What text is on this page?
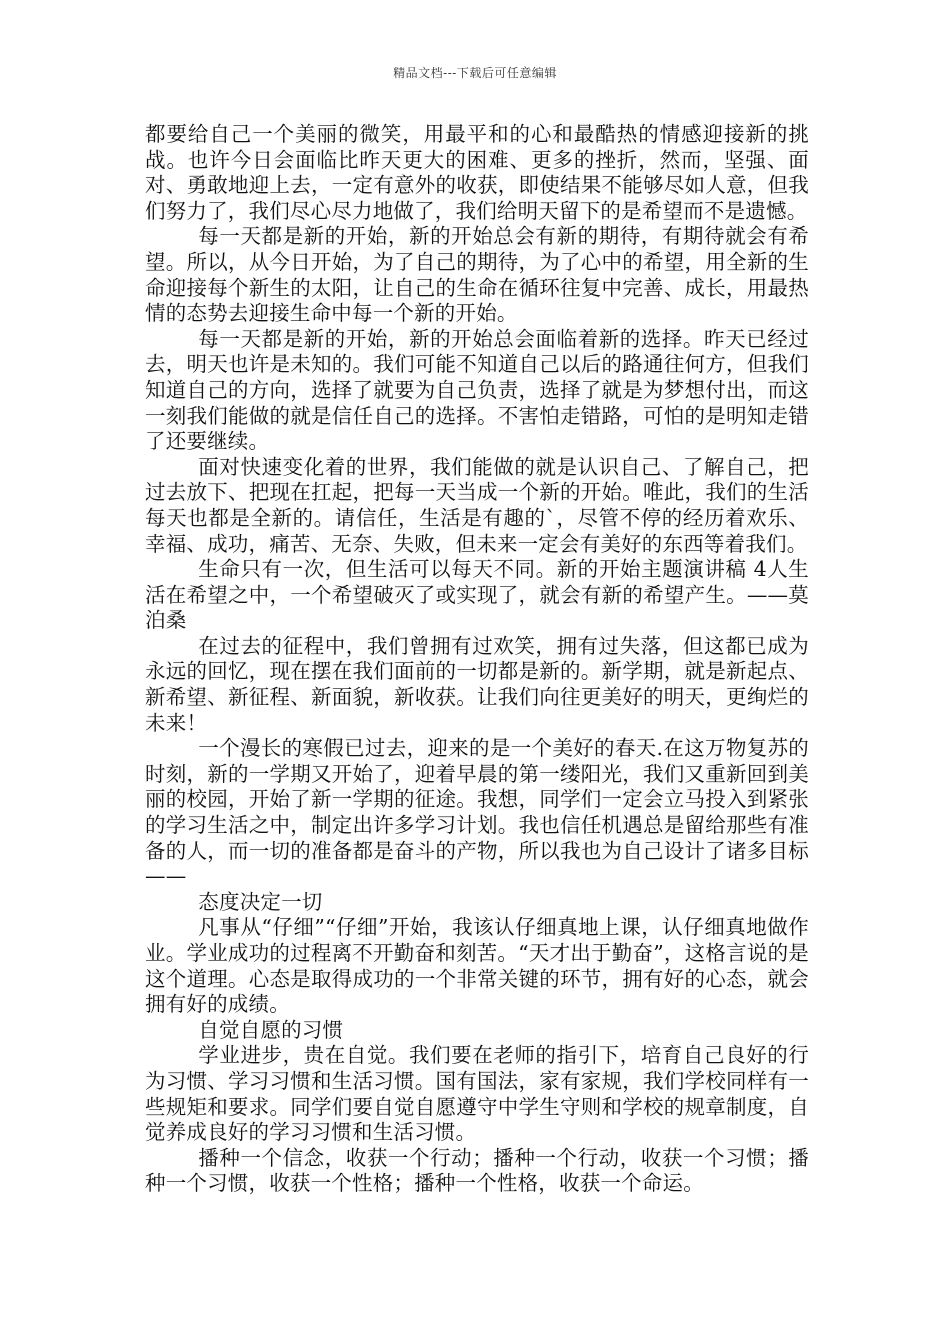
精品文档---下载后可任意编辑

都要给自己一个美丽的微笑，用最平和的心和最酷热的情感迎接新的挑战。也许今日会面临比昨天更大的困难、更多的挫折，然而，坚强、面对、勇敢地迎上去，一定有意外的收获，即使结果不能够尽如人意，但我们努力了，我们尽心尽力地做了，我们给明天留下的是希望而不是遗憾。

每一天都是新的开始，新的开始总会有新的期待，有期待就会有希望。所以，从今日开始，为了自己的期待，为了心中的希望，用全新的生命迎接每个新生的太阳，让自己的生命在循环往复中完善、成长，用最热情的态势去迎接生命中每一个新的开始。

每一天都是新的开始，新的开始总会面临着新的选择。昨天已经过去，明天也许是未知的。我们可能不知道自己以后的路通往何方，但我们知道自己的方向，选择了就要为自己负责，选择了就是为梦想付出，而这一刻我们能做的就是信任自己的选择。不害怕走错路，可怕的是明知走错了还要继续。

面对快速变化着的世界，我们能做的就是认识自己、了解自己，把过去放下、把现在扛起，把每一天当成一个新的开始。唯此，我们的生活每天也都是全新的。请信任，生活是有趣的`，尽管不停的经历着欢乐、幸福、成功，痛苦、无奈、失败，但未来一定会有美好的东西等着我们。

生命只有一次，但生活可以每天不同。新的开始主题演讲稿 4人生活在希望之中，一个希望破灭了或实现了，就会有新的希望产生。——莫泊桑

在过去的征程中，我们曾拥有过欢笑，拥有过失落，但这都已成为永远的回忆，现在摆在我们面前的一切都是新的。新学期，就是新起点、新希望、新征程、新面貌，新收获。让我们向往更美好的明天，更绚烂的未来！

一个漫长的寒假已过去，迎来的是一个美好的春天.在这万物复苏的时刻，新的一学期又开始了，迎着早晨的第一缕阳光，我们又重新回到美丽的校园，开始了新一学期的征途。我想，同学们一定会立马投入到紧张的学习生活之中，制定出许多学习计划。我也信任机遇总是留给那些有准备的人，而一切的准备都是奋斗的产物，所以我也为自己设计了诸多目标——

态度决定一切

凡事从“仔细”“仔细”开始，我该认仔细真地上课，认仔细真地做作业。学业成功的过程离不开勤奋和刻苦。“天才出于勤奋”，这格言说的是这个道理。心态是取得成功的一个非常关键的环节，拥有好的心态，就会拥有好的成绩。

自觉自愿的习惯

学业进步，贵在自觉。我们要在老师的指引下，培育自己良好的行为习惯、学习习惯和生活习惯。国有国法，家有家规，我们学校同样有一些规矩和要求。同学们要自觉自愿遵守中学生守则和学校的规章制度，自觉养成良好的学习习惯和生活习惯。

播种一个信念，收获一个行动；播种一个行动，收获一个习惯；播种一个习惯，收获一个性格；播种一个性格，收获一个命运。
